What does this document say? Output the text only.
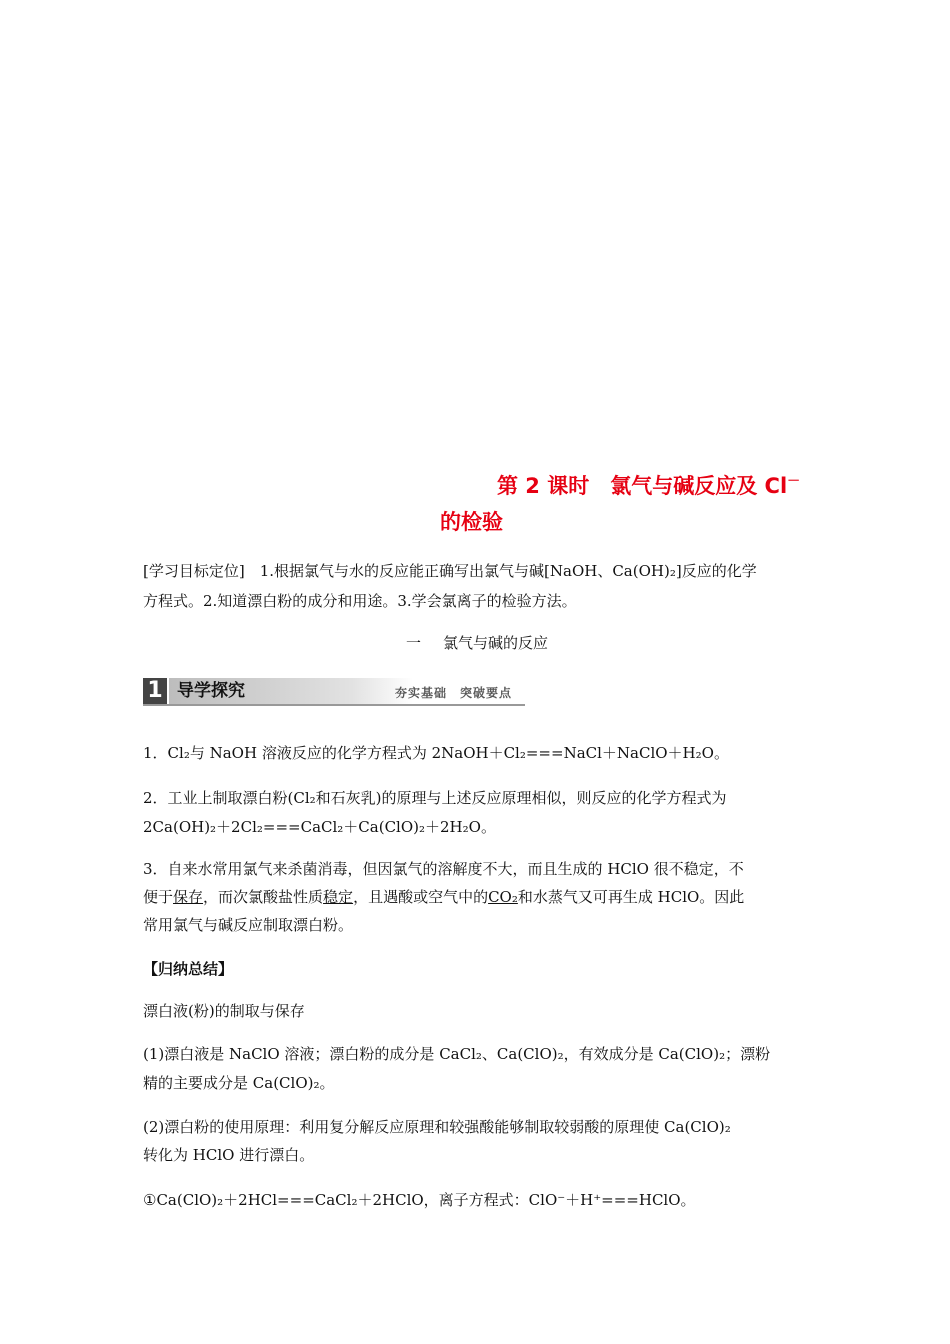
第 2 课时　氯气与碱反应及 Cl－
的检验

[学习目标定位]　1.根据氯气与水的反应能正确写出氯气与碱[NaOH、Ca(OH)₂]反应的化学

方程式。2.知道漂白粉的成分和用途。3.学会氯离子的检验方法。

一 氯气与碱的反应

1 导学探究	夯实基础　突破要点

1．Cl₂与 NaOH 溶液反应的化学方程式为 2NaOH＋Cl₂===NaCl＋NaClO＋H₂O。

2．工业上制取漂白粉(Cl₂和石灰乳)的原理与上述反应原理相似，则反应的化学方程式为

2Ca(OH)₂＋2Cl₂===CaCl₂＋Ca(ClO)₂＋2H₂O。

3．自来水常用氯气来杀菌消毒，但因氯气的溶解度不大，而且生成的 HClO 很不稳定，不

便于保存，而次氯酸盐性质稳定，且遇酸或空气中的CO₂和水蒸气又可再生成 HClO。因此

常用氯气与碱反应制取漂白粉。

【归纳总结】

漂白液(粉)的制取与保存

(1)漂白液是 NaClO 溶液；漂白粉的成分是 CaCl₂、Ca(ClO)₂，有效成分是 Ca(ClO)₂；漂粉

精的主要成分是 Ca(ClO)₂。

(2)漂白粉的使用原理：利用复分解反应原理和较强酸能够制取较弱酸的原理使 Ca(ClO)₂

转化为 HClO 进行漂白。

①Ca(ClO)₂＋2HCl===CaCl₂＋2HClO，离子方程式：ClO⁻＋H⁺===HClO。
